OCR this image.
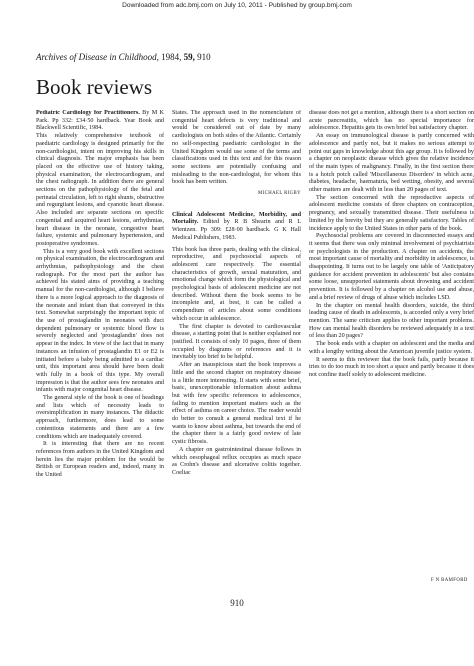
Downloaded from adc.bmj.com on July 10, 2011 - Published by group.bmj.com
Archives of Disease in Childhood, 1984, 59, 910
Book reviews

Pediatric Cardiology for Practitioners. By M K Park. Pp 332: £34·50 hardback. Year Book and Blackwell Scientific, 1984.

This relatively comprehensive textbook of paediatric cardiology is designed primarily for the non-cardiologist, intent on improving his skills in clinical diagnosis. The major emphasis has been placed on the effective use of history taking, physical examination, the electrocardiogram, and the chest radiograph. In addition there are general sections on the pathophysiology of the fetal and perinatal circulation, left to right shunts, obstructive and regurgitant lesions, and cyanotic heart disease. Also included are separate sections on specific congenital and acquired heart lesions, arrhythmias, heart disease in the neonate, congestive heart failure, systemic and pulmonary hypertension, and postoperative syndromes.

This is a very good book with excellent sections on physical examination, the electrocardiogram and arrhythmias, pathophysiology and the chest radiograph. For the most part the author has achieved his stated aims of providing a teaching manual for the non-cardiologist, although I believe there is a more logical approach to the diagnosis of the neonate and infant than that conveyed in this text. Somewhat surprisingly the important topic of the use of prostaglandin in neonates with duct dependent pulmonary or systemic blood flow is severely neglected and 'prostaglandin' does not appear in the index. In view of the fact that in many instances an infusion of prostaglandin E1 or E2 is initiated before a baby being admitted to a cardiac unit, this important area should have been dealt with fully in a book of this type. My overall impression is that the author sees few neonates and infants with major congenital heart disease.

The general style of the book is one of headings and lists which of necessity leads to oversimplification in many instances. The didactic approach, furthermore, does lead to some contentious statements and there are a few conditions which are inadequately covered.

It is interesting that there are no recent references from authors in the United Kingdom and herein lies the major problem for the would be British or European readers and, indeed, many in the United

States. The approach used in the nomenclature of congenital heart defects is very traditional and would be considered out of date by many cardiologists on both sides of the Atlantic. Certainly no self-respecting paediatric cardiologist in the United Kingdom would use some of the terms and classifications used in this text and for this reason some sections are potentially confusing and misleading to the non-cardiologist, for whom this book has been written.

MICHAEL RIGBY

Clinical Adolescent Medicine, Morbidity, and Mortality. Edited by R B Shearin and R L Wientzen. Pp 309: £28·00 hardback. G K Hall Medical Publishers, 1983.

This book has three parts, dealing with the clinical, reproductive, and psychosocial aspects of adolescent care respectively. The essential characteristics of growth, sexual maturation, and emotional change which form the physiological and psychological basis of adolescent medicine are not described. Without them the book seems to be incomplete and, at best, it can be called a compendium of articles about some conditions which occur in adolescence.

The first chapter is devoted to cardiovascular disease, a starting point that is neither explained nor justified. It consists of only 10 pages, three of them occupied by diagrams or references and it is inevitably too brief to be helpful.

After an inauspicious start the book improves a little and the second chapter on respiratory disease is a little more interesting. It starts with some brief, basic, unexceptionable information about asthma but with few specific references to adolescence, failing to mention important matters such as the effect of asthma on career choice. The reader would do better to consult a general medical text if he wants to know about asthma, but towards the end of the chapter there is a fairly good review of late cystic fibrosis.

A chapter on gastrointestinal disease follows in which oesophageal reflux occupies as much space as Crohn's disease and ulcerative colitis together. Coeliac

disease does not get a mention, although there is a short section on acute pancreatitis, which has no special importance for adolescence. Hepatitis gets its own brief but satisfactory chapter.

An essay on immunological disease is partly concerned with adolescence and partly not, but it makes no serious attempt to point out gaps in knowledge about this age group. It is followed by a chapter on neoplastic disease which gives the relative incidence of the main types of malignancy. Finally, in the first section there is a hotch potch called 'Miscellaneous Disorders' in which acne, diabetes, headache, haematuria, bed wetting, obesity, and several other matters are dealt with in less than 20 pages of text.

The section concerned with the reproductive aspects of adolescent medicine consists of three chapters on contraception, pregnancy, and sexually transmitted disease. Their usefulness is limited by the brevity but they are generally satisfactory. Tables of incidence apply to the United States in other parts of the book.

Psychosocial problems are covered in disconnected essays and it seems that there was only minimal involvement of psychiatrists or psychologists in the production. A chapter on accidents, the most important cause of mortality and morbidity in adolescence, is disappointing. It turns out to be largely one table of 'Anticipatory guidance for accident prevention in adolescents' but also contains some loose, unsupported statements about drowning and accident prevention. It is followed by a chapter on alcohol use and abuse, and a brief review of drugs of abuse which includes LSD.

In the chapter on mental health disorders, suicide, the third leading cause of death in adolescents, is accorded only a very brief mention. The same criticism applies to other important problems. How can mental health disorders be reviewed adequately in a text of less than 20 pages?

The book ends with a chapter on adolescent and the media and with a lengthy writing about the American juvenile justice system.

It seems to this reviewer that the book fails, partly because it tries to do too much in too short a space and partly because it does not confine itself solely to adolescent medicine.

F N BAMFORD
910
